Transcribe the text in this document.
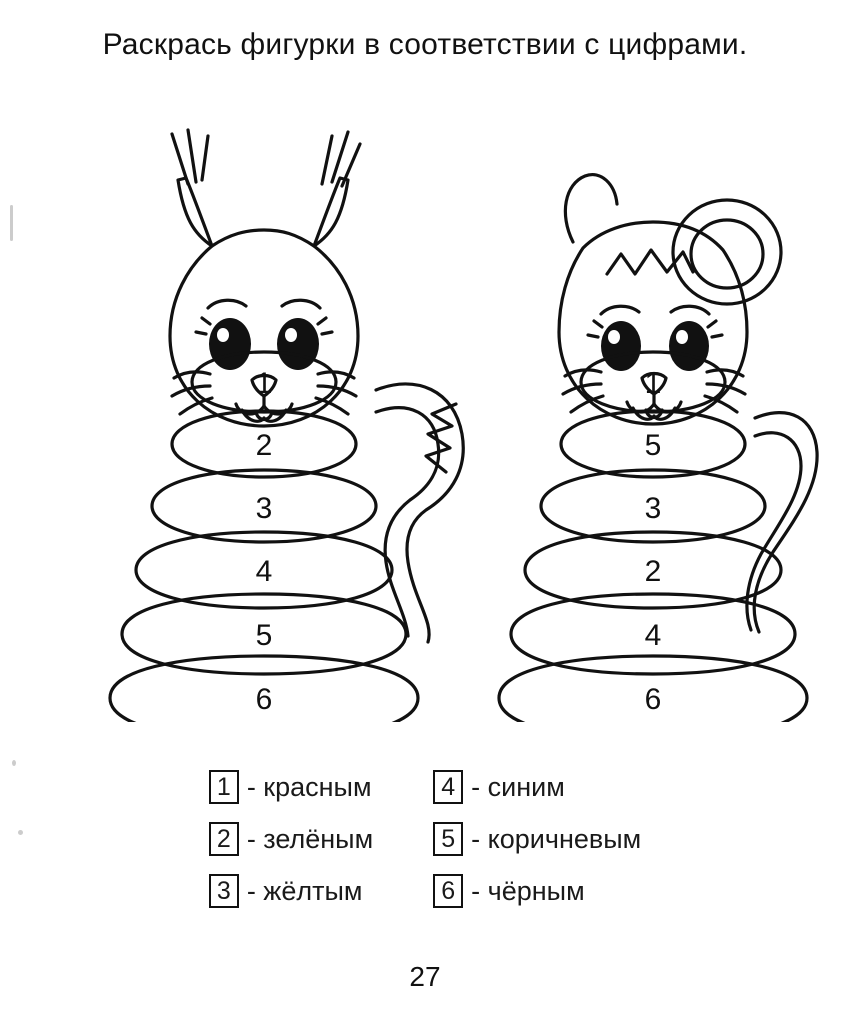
Раскрась фигурки в соответствии с цифрами.
1
2
3
4
5
6
1
5
3
2
4
6
1 - красным
2 - зелёным
3 - жёлтым
4 - синим
5 - коричневым
6 - чёрным
27
